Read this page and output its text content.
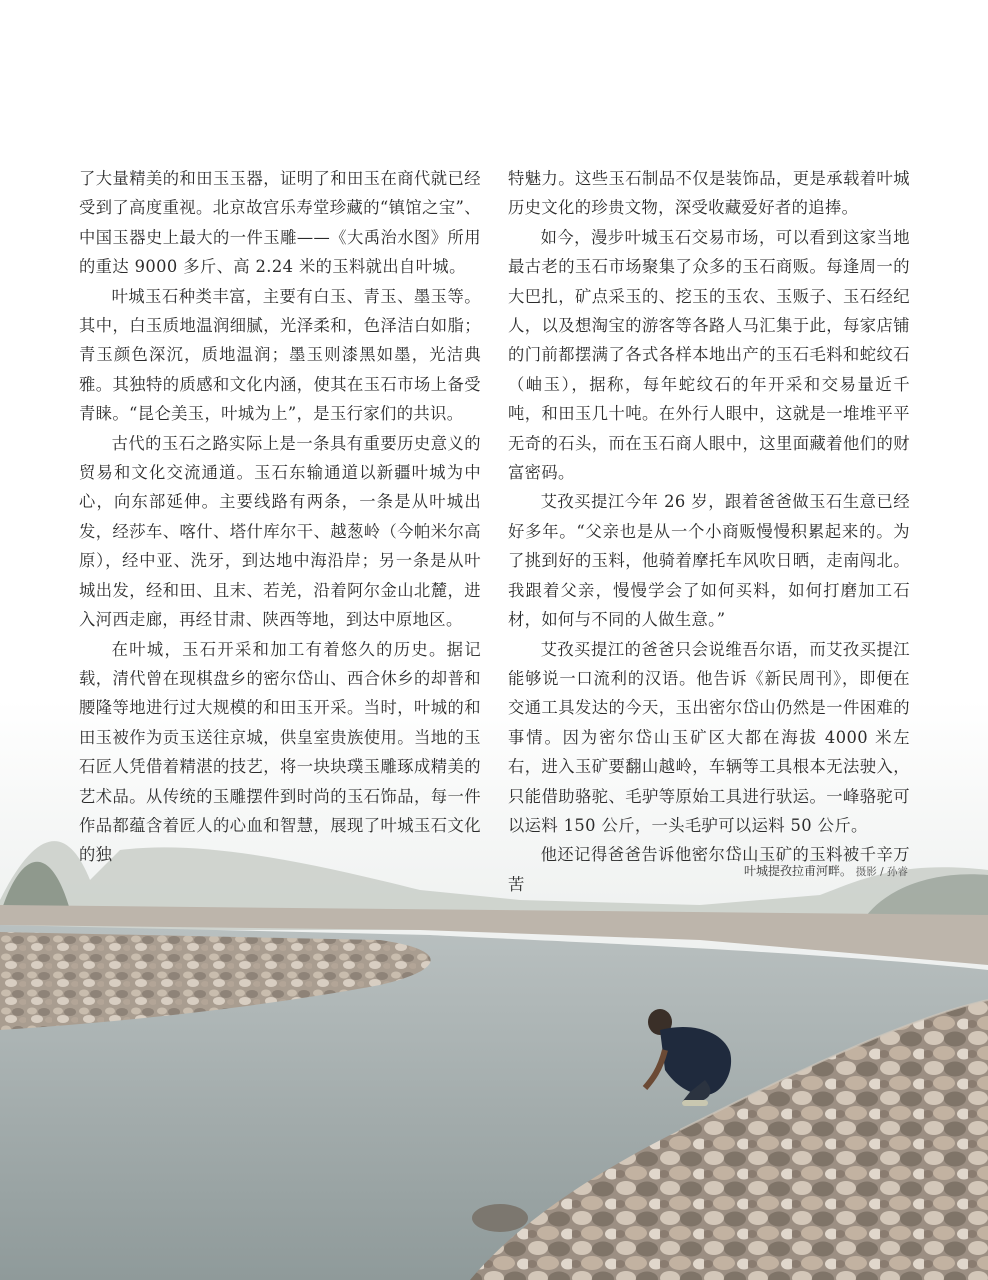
了大量精美的和田玉玉器，证明了和田玉在商代就已经受到了高度重视。北京故宫乐寿堂珍藏的“镇馆之宝”、中国玉器史上最大的一件玉雕——《大禹治水图》所用的重达 9000 多斤、高 2.24 米的玉料就出自叶城。

叶城玉石种类丰富，主要有白玉、青玉、墨玉等。其中，白玉质地温润细腻，光泽柔和，色泽洁白如脂；青玉颜色深沉，质地温润；墨玉则漆黑如墨，光洁典雅。其独特的质感和文化内涵，使其在玉石市场上备受青睐。“昆仑美玉，叶城为上”，是玉行家们的共识。

古代的玉石之路实际上是一条具有重要历史意义的贸易和文化交流通道。玉石东输通道以新疆叶城为中心，向东部延伸。主要线路有两条，一条是从叶城出发，经莎车、喀什、塔什库尔干、越葱岭（今帕米尔高原），经中亚、洗牙，到达地中海沿岸；另一条是从叶城出发，经和田、且末、若羌，沿着阿尔金山北麓，进入河西走廊，再经甘肃、陕西等地，到达中原地区。

在叶城，玉石开采和加工有着悠久的历史。据记载，清代曾在现棋盘乡的密尔岱山、西合休乡的却普和腰隆等地进行过大规模的和田玉开采。当时，叶城的和田玉被作为贡玉送往京城，供皇室贵族使用。当地的玉石匠人凭借着精湛的技艺，将一块块璞玉雕琢成精美的艺术品。从传统的玉雕摆件到时尚的玉石饰品，每一件作品都蕴含着匠人的心血和智慧，展现了叶城玉石文化的独

特魅力。这些玉石制品不仅是装饰品，更是承载着叶城历史文化的珍贵文物，深受收藏爱好者的追捧。

如今，漫步叶城玉石交易市场，可以看到这家当地最古老的玉石市场聚集了众多的玉石商贩。每逢周一的大巴扎，矿点采玉的、挖玉的玉农、玉贩子、玉石经纪人，以及想淘宝的游客等各路人马汇集于此，每家店铺的门前都摆满了各式各样本地出产的玉石毛料和蛇纹石（岫玉），据称，每年蛇纹石的年开采和交易量近千吨，和田玉几十吨。在外行人眼中，这就是一堆堆平平无奇的石头，而在玉石商人眼中，这里面藏着他们的财富密码。

艾孜买提江今年 26 岁，跟着爸爸做玉石生意已经好多年。“父亲也是从一个小商贩慢慢积累起来的。为了挑到好的玉料，他骑着摩托车风吹日晒，走南闯北。我跟着父亲，慢慢学会了如何买料，如何打磨加工石材，如何与不同的人做生意。”

艾孜买提江的爸爸只会说维吾尔语，而艾孜买提江能够说一口流利的汉语。他告诉《新民周刊》，即便在交通工具发达的今天，玉出密尔岱山仍然是一件困难的事情。因为密尔岱山玉矿区大都在海拔 4000 米左右，进入玉矿要翻山越岭，车辆等工具根本无法驶入，只能借助骆驼、毛驴等原始工具进行驮运。一峰骆驼可以运料 150 公斤，一头毛驴可以运料 50 公斤。

他还记得爸爸告诉他密尔岱山玉矿的玉料被千辛万苦

叶城提孜拉甫河畔。 摄影 / 孙睿
